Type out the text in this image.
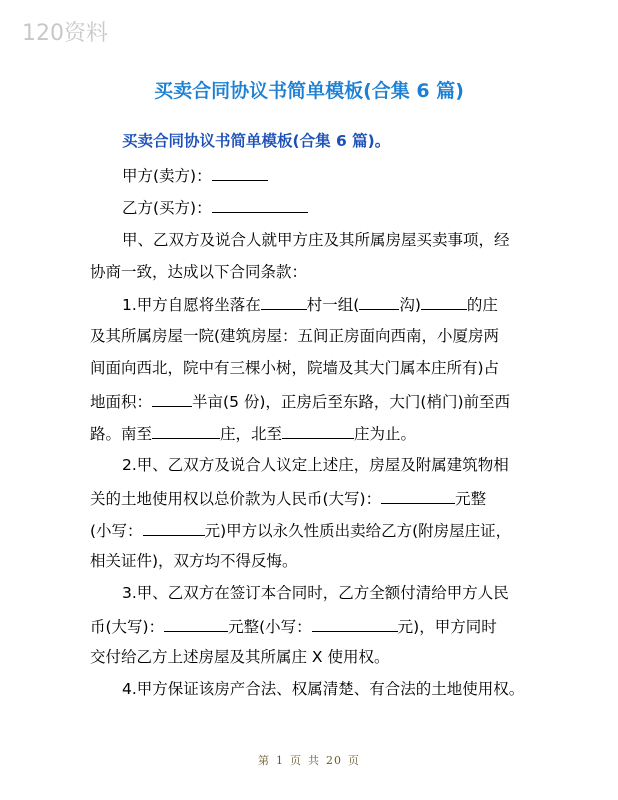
120资料
买卖合同协议书简单模板(合集 6 篇)
买卖合同协议书简单模板(合集 6 篇)。
甲方(卖方)：
乙方(买方)：
甲、乙双方及说合人就甲方庄及其所属房屋买卖事项，经
协商一致，达成以下合同条款：
1.甲方自愿将坐落在	村一组(	沟)	的庄
及其所属房屋一院(建筑房屋：五间正房面向西南，小厦房两
间面向西北，院中有三棵小树，院墙及其大门属本庄所有)占
地面积：	半亩(5 份)，正房后至东路，大门(梢门)前至西
路。南至	庄，北至	庄为止。
2.甲、乙双方及说合人议定上述庄，房屋及附属建筑物相
关的土地使用权以总价款为人民币(大写)：	元整
(小写：	元)甲方以永久性质出卖给乙方(附房屋庄证，
相关证件)，双方均不得反悔。
3.甲、乙双方在签订本合同时，乙方全额付清给甲方人民
币(大写)：	元整(小写：	元)，甲方同时
交付给乙方上述房屋及其所属庄 X 使用权。
4.甲方保证该房产合法、权属清楚、有合法的土地使用权。
第 1 页 共 20 页
